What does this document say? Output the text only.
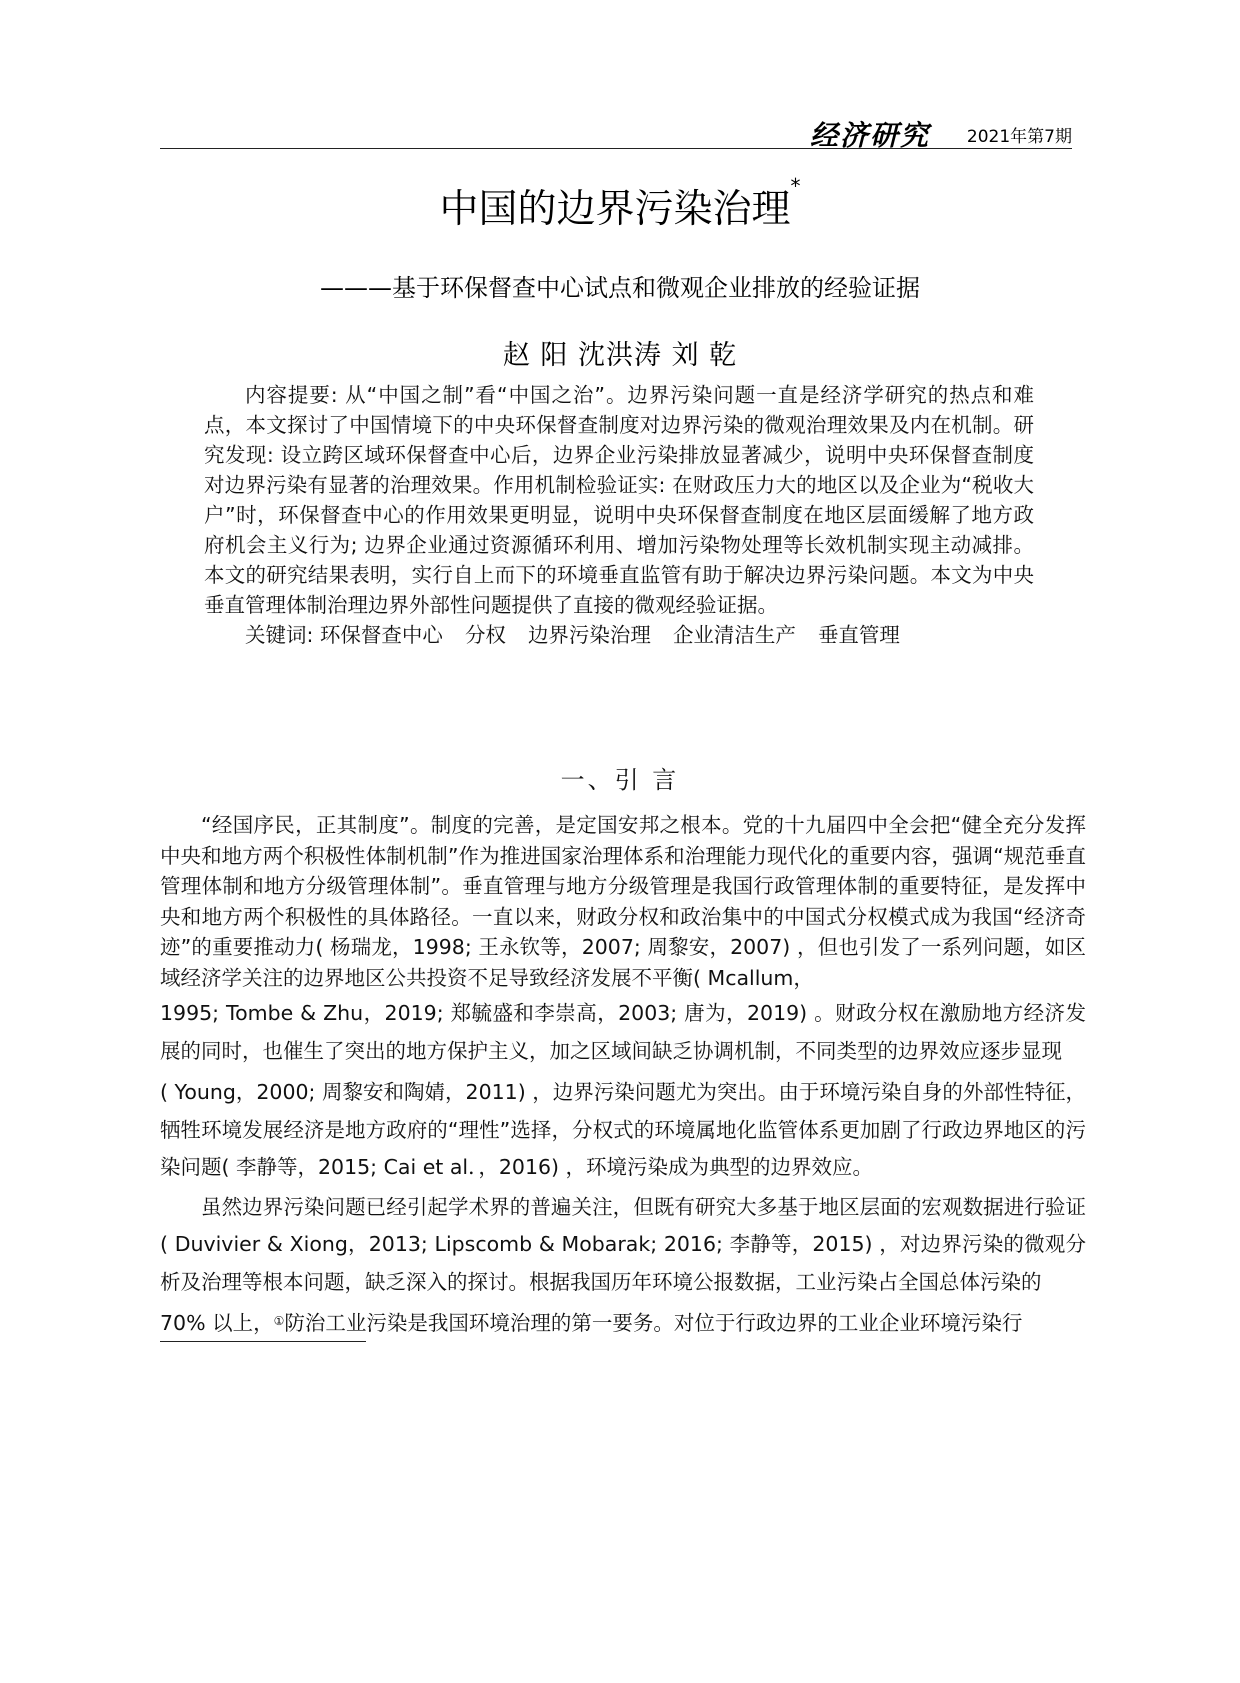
经济研究 2021年第7期
中国的边界污染治理*
———基于环保督查中心试点和微观企业排放的经验证据
赵 阳 沈洪涛 刘 乾

内容提要: 从“中国之制”看“中国之治”。边界污染问题一直是经济学研究的热点和难点，本文探讨了中国情境下的中央环保督查制度对边界污染的微观治理效果及内在机制。研究发现: 设立跨区域环保督查中心后，边界企业污染排放显著减少，说明中央环保督查制度对边界污染有显著的治理效果。作用机制检验证实: 在财政压力大的地区以及企业为“税收大户”时，环保督查中心的作用效果更明显，说明中央环保督查制度在地区层面缓解了地方政府机会主义行为; 边界企业通过资源循环利用、增加污染物处理等长效机制实现主动减排。本文的研究结果表明，实行自上而下的环境垂直监管有助于解决边界污染问题。本文为中央垂直管理体制治理边界外部性问题提供了直接的微观经验证据。

关键词: 环保督查中心 分权 边界污染治理 企业清洁生产 垂直管理

一、引 言

“经国序民，正其制度”。制度的完善，是定国安邦之根本。党的十九届四中全会把“健全充分发挥中央和地方两个积极性体制机制”作为推进国家治理体系和治理能力现代化的重要内容，强调“规范垂直管理体制和地方分级管理体制”。垂直管理与地方分级管理是我国行政管理体制的重要特征，是发挥中央和地方两个积极性的具体路径。一直以来，财政分权和政治集中的中国式分权模式成为我国“经济奇迹”的重要推动力( 杨瑞龙，1998; 王永钦等，2007; 周黎安，2007) ，但也引发了一系列问题，如区域经济学关注的边界地区公共投资不足导致经济发展不平衡( Mcallum，

1995; Tombe & Zhu，2019; 郑毓盛和李崇高，2003; 唐为，2019) 。财政分权在激励地方经济发展的同时，也催生了突出的地方保护主义，加之区域间缺乏协调机制，不同类型的边界效应逐步显现

( Young，2000; 周黎安和陶婧，2011) ，边界污染问题尤为突出。由于环境污染自身的外部性特征，牺牲环境发展经济是地方政府的“理性”选择，分权式的环境属地化监管体系更加剧了行政边界地区的污染问题( 李静等，2015; Cai et al．，2016) ，环境污染成为典型的边界效应。

虽然边界污染问题已经引起学术界的普遍关注，但既有研究大多基于地区层面的宏观数据进行验证( Duvivier & Xiong，2013; Lipscomb & Mobarak; 2016; 李静等，2015) ，对边界污染的微观分析及治理等根本问题，缺乏深入的探讨。根据我国历年环境公报数据，工业污染占全国总体污染的

70% 以上，①防治工业污染是我国环境治理的第一要务。对位于行政边界的工业企业环境污染行
